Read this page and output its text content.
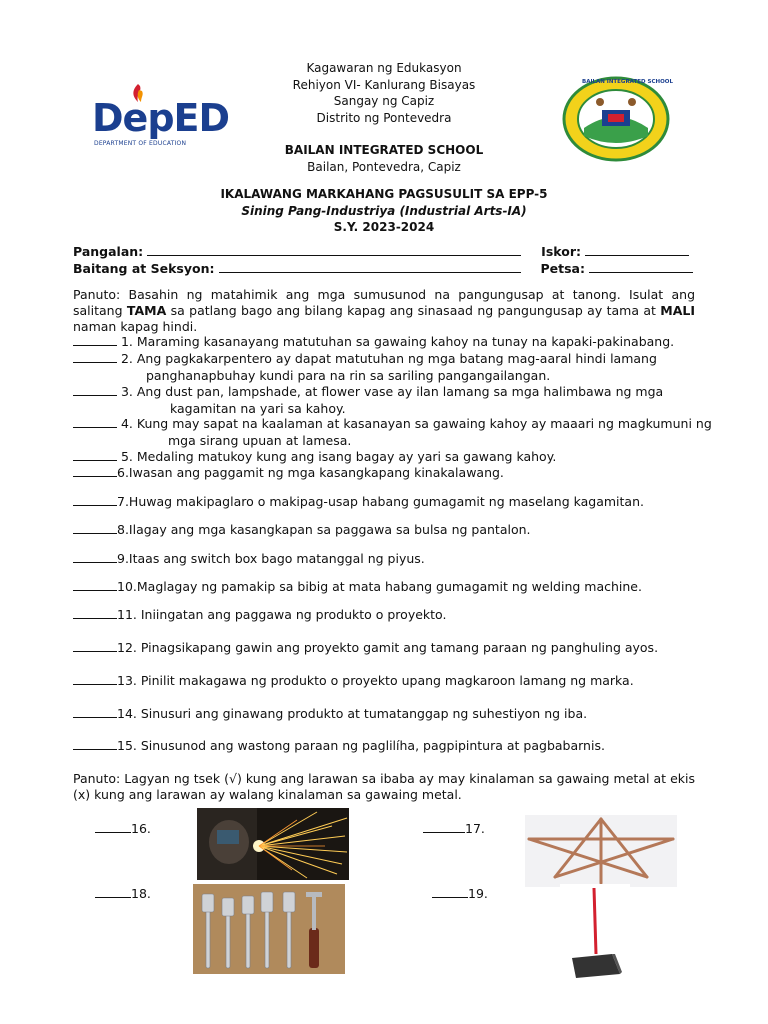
DepED
DEPARTMENT OF EDUCATION
BAILAN INTEGRATED SCHOOL
Kagawaran ng Edukasyon
Rehiyon VI- Kanlurang Bisayas
Sangay ng Capiz
Distrito ng Pontevedra
BAILAN INTEGRATED SCHOOL
Bailan, Pontevedra, Capiz
IKALAWANG MARKAHANG PAGSUSULIT SA EPP-5
Sining Pang-Industriya (Industrial Arts-IA)
S.Y. 2023-2024
Pangalan:	Iskor:
Baitang at Seksyon:	Petsa:
Panuto: Basahin ng matahimik ang mga sumusunod na pangungusap at tanong. Isulat ang salitang TAMA sa patlang bago ang bilang kapag ang sinasaad ng pangungusap ay tama at MALI naman kapag hindi.
1. Maraming kasanayang matutuhan sa gawaing kahoy na tunay na kapaki-pakinabang.
2. Ang pagkakarpentero ay dapat matutuhan ng mga batang mag-aaral hindi lamang
panghanapbuhay kundi para na rin sa sariling pangangailangan.
3. Ang dust pan, lampshade, at flower vase ay ilan lamang sa mga halimbawa ng mga
kagamitan na yari sa kahoy.
4. Kung may sapat na kaalaman at kasanayan sa gawaing kahoy ay maaari ng magkumuni ng
mga sirang upuan at lamesa.
5. Medaling matukoy kung ang isang bagay ay yari sa gawang kahoy.
6.Iwasan ang paggamit ng mga kasangkapang kinakalawang.
7.Huwag makipaglaro o makipag-usap habang gumagamit ng maselang kagamitan.
8.Ilagay ang mga kasangkapan sa paggawa sa bulsa ng pantalon.
9.Itaas ang switch box bago matanggal ng piyus.
10.Maglagay ng pamakip sa bibig at mata habang gumagamit ng welding machine.
11. Iniingatan ang paggawa ng produkto o proyekto.
12. Pinagsikapang gawin ang proyekto gamit ang tamang paraan ng panghuling ayos.
13. Pinilit makagawa ng produkto o proyekto upang magkaroon lamang ng marka.
14. Sinusuri ang ginawang produkto at tumatanggap ng suhestiyon ng iba.
15. Sinusunod ang wastong paraan ng paglilíha, pagpipintura at pagbabarnis.
Panuto: Lagyan ng tsek (√) kung ang larawan sa ibaba ay may kinalaman sa gawaing metal at ekis (x) kung ang larawan ay walang kinalaman sa gawaing metal.
16.	17.
18.	19.
